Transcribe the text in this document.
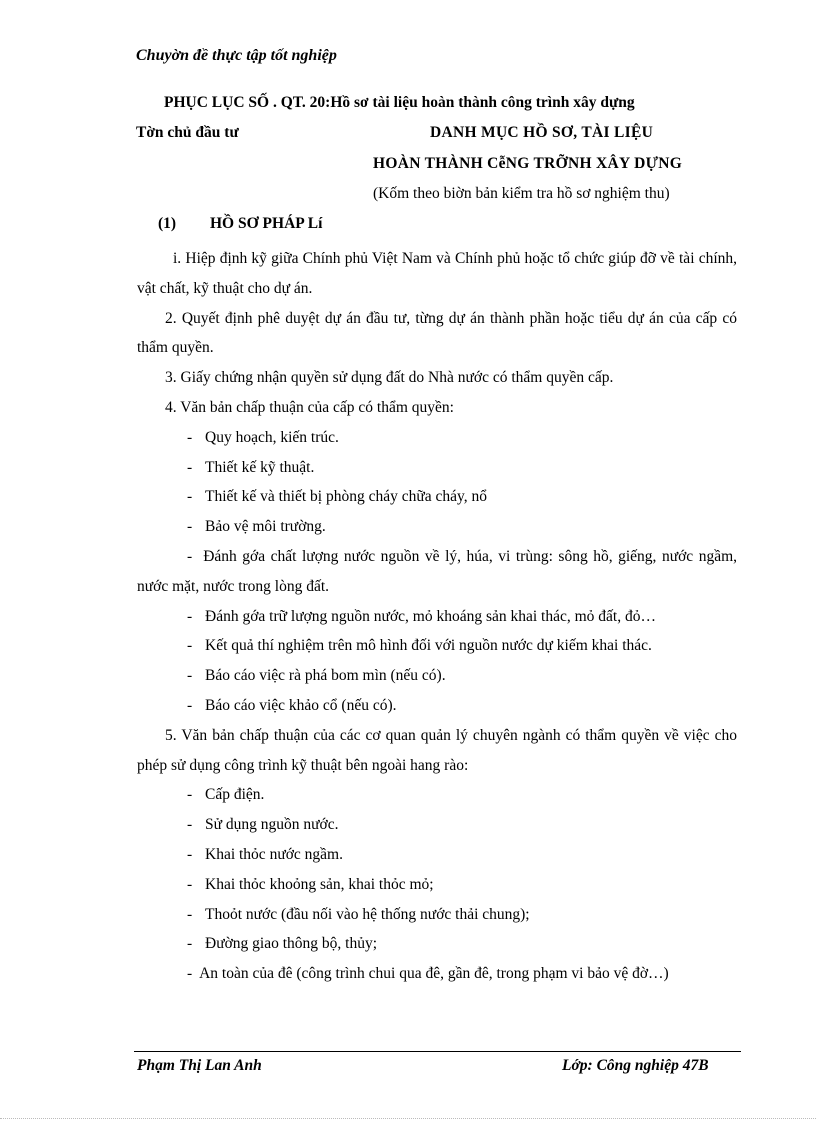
Chuyờn đề thực tập tốt nghiệp
PHỤC LỤC SỐ . QT. 20:Hồ sơ tài liệu hoàn thành công trình xây dựng
Tờn chủ đầu tư	DANH MỤC HỒ SƠ, TÀI LIỆU
HOÀN THÀNH CễNG TRỠNH XÂY DỰNG
(Kốm theo biờn bản kiểm tra hồ sơ nghiệm thu)
(1) HỒ SƠ PHÁP Lí

i. Hiệp định kỹ giữa Chính phủ Việt Nam và Chính phủ hoặc tổ chức giúp đỡ về tài chính, vật chất, kỹ thuật cho dự án.

2. Quyết định phê duyệt dự án đầu tư, từng dự án thành phần hoặc tiểu dự án của cấp có thẩm quyền.

3. Giấy chứng nhận quyền sử dụng đất do Nhà nước có thẩm quyền cấp.

4. Văn bản chấp thuận của cấp có thẩm quyền:

- Quy hoạch, kiến trúc.

- Thiết kế kỹ thuật.

- Thiết kế và thiết bị phòng cháy chữa cháy, nổ

- Bảo vệ môi trường.

- Đánh gớa chất lượng nước nguồn về lý, húa, vi trùng: sông hồ, giếng, nước ngầm, nước mặt, nước trong lòng đất.

- Đánh gớa trữ lượng nguồn nước, mỏ khoáng sản khai thác, mỏ đất, đỏ…

- Kết quả thí nghiệm trên mô hình đối với nguồn nước dự kiếm khai thác.

- Báo cáo việc rà phá bom mìn (nếu có).

- Báo cáo việc khảo cổ (nếu có).

5. Văn bản chấp thuận của các cơ quan quản lý chuyên ngành có thẩm quyền về việc cho phép sử dụng công trình kỹ thuật bên ngoài hang rào:

- Cấp điện.

- Sử dụng nguồn nước.

- Khai thỏc nước ngầm.

- Khai thỏc khoỏng sản, khai thỏc mỏ;

- Thoỏt nước (đầu nối vào hệ thống nước thải chung);

- Đường giao thông bộ, thủy;

- An toàn của đê (công trình chui qua đê, gần đê, trong phạm vi bảo vệ đờ…)

Phạm Thị Lan Anh	Lớp: Công nghiệp 47B
